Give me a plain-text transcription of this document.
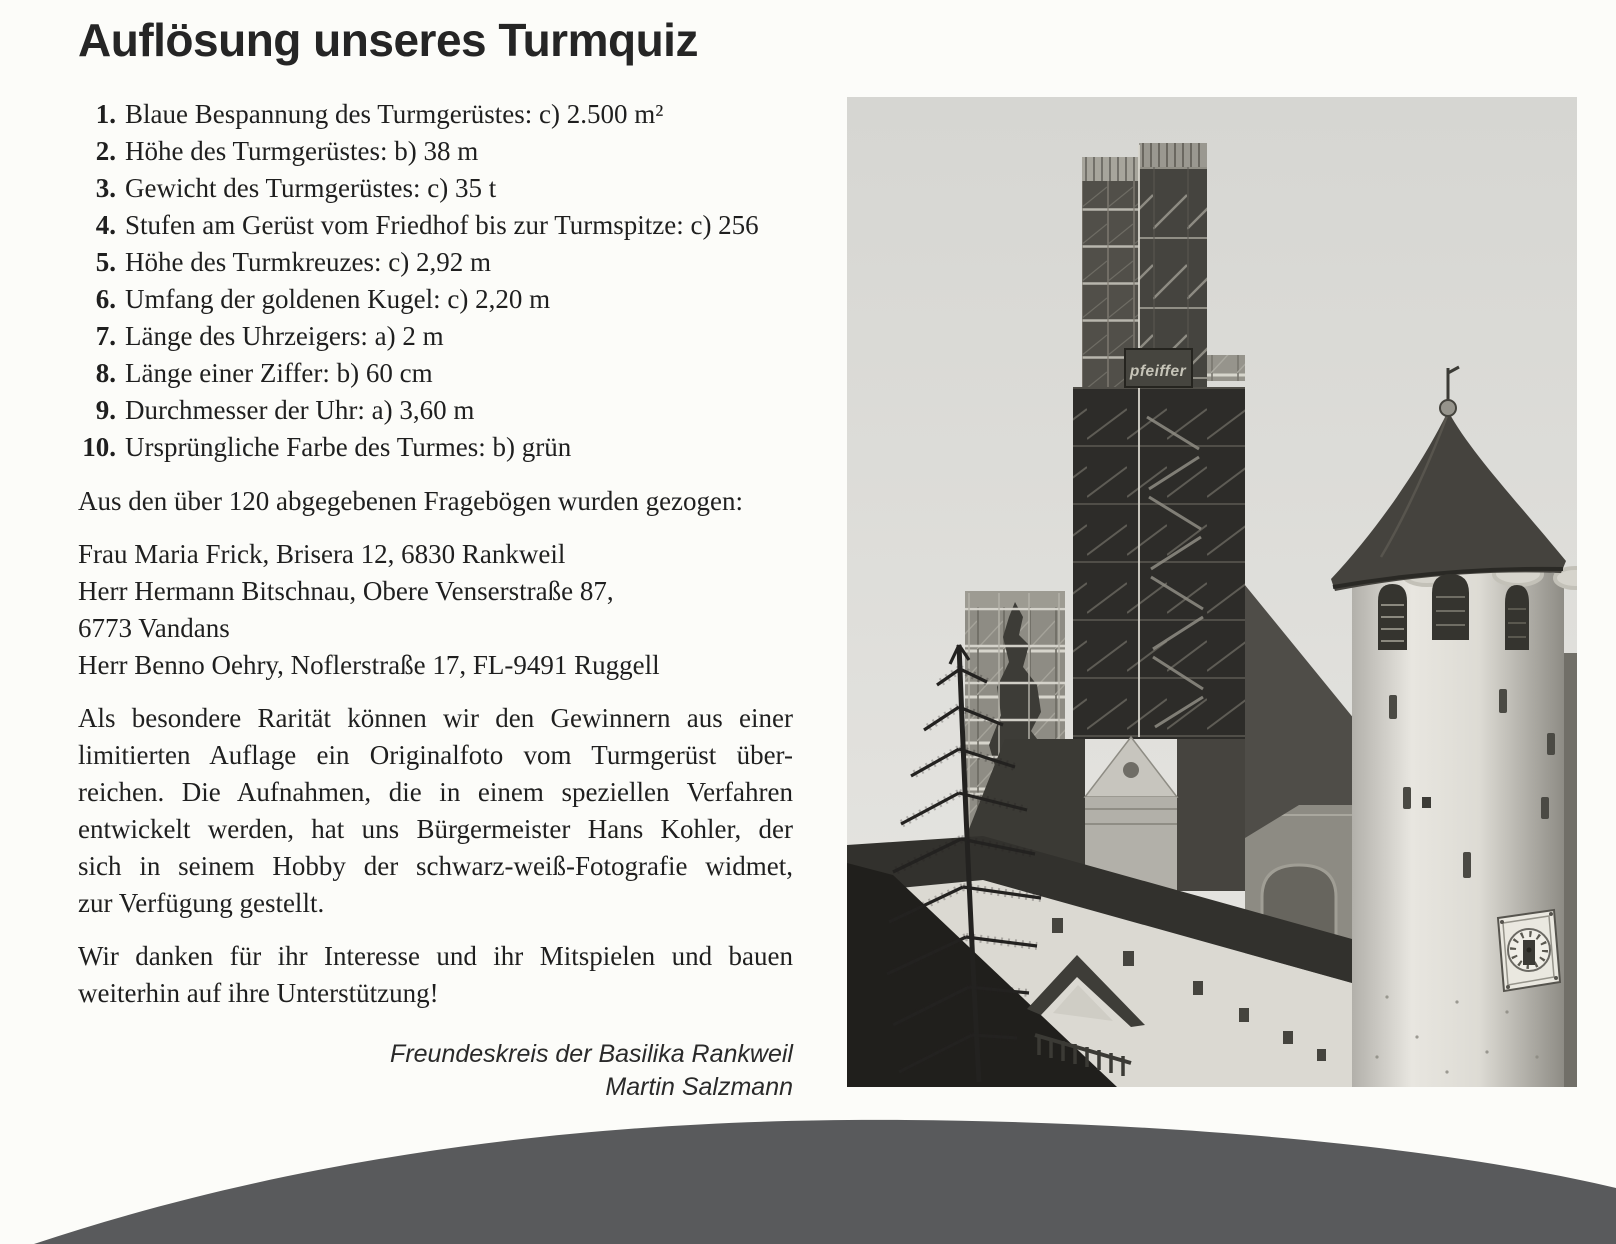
Auflösung unseres Turmquiz
1. Blaue Bespannung des Turmgerüstes: c) 2.500 m²
2. Höhe des Turmgerüstes: b) 38 m
3. Gewicht des Turmgerüstes: c) 35 t
4. Stufen am Gerüst vom Friedhof bis zur Turmspitze: c) 256
5. Höhe des Turmkreuzes: c) 2,92 m
6. Umfang der goldenen Kugel: c) 2,20 m
7. Länge des Uhrzeigers: a) 2 m
8. Länge einer Ziffer: b) 60 cm
9. Durchmesser der Uhr: a) 3,60 m
10. Ursprüngliche Farbe des Turmes: b) grün
Aus den über 120 abgegebenen Fragebögen wurden gezogen:
Frau Maria Frick, Brisera 12, 6830 Rankweil
Herr Hermann Bitschnau, Obere Venserstraße 87,
6773 Vandans
Herr Benno Oehry, Noflerstraße 17, FL-9491 Ruggell
Als besondere Rarität können wir den Gewinnern aus einer
limitierten Auflage ein Originalfoto vom Turmgerüst über-
reichen. Die Aufnahmen, die in einem speziellen Verfahren
entwickelt werden, hat uns Bürgermeister Hans Kohler, der
sich in seinem Hobby der schwarz-weiß-Fotografie widmet,
zur Verfügung gestellt.
Wir danken für ihr Interesse und ihr Mitspielen und bauen
weiterhin auf ihre Unterstützung!
Freundeskreis der Basilika Rankweil
Martin Salzmann
pfeiffer
